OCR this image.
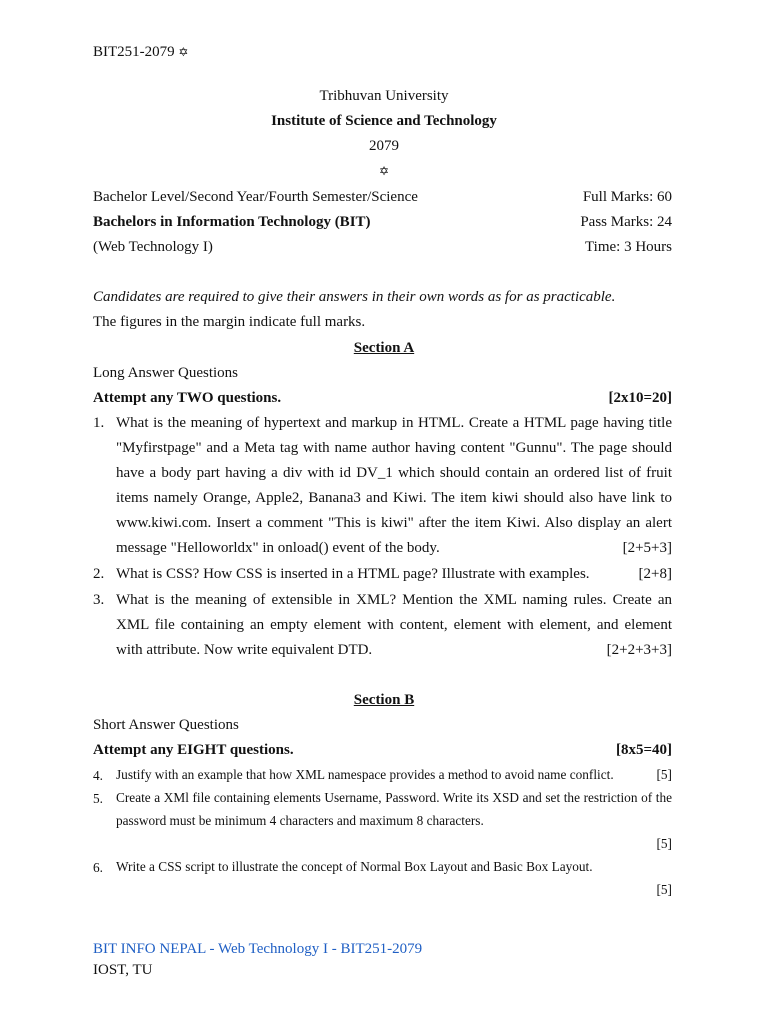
BIT251-2079 ✡
Tribhuvan University
Institute of Science and Technology
2079
✡
Bachelor Level/Second Year/Fourth Semester/Science	Full Marks: 60
Bachelors in Information Technology (BIT)	Pass Marks: 24
(Web Technology I)	Time: 3 Hours
Candidates are required to give their answers in their own words as for as practicable.
The figures in the margin indicate full marks.
Section A
Long Answer Questions
Attempt any TWO questions.	[2x10=20]
1. What is the meaning of hypertext and markup in HTML. Create a HTML page having title "Myfirstpage" and a Meta tag with name author having content "Gunnu". The page should have a body part having a div with id DV_1 which should contain an ordered list of fruit items namely Orange, Apple2, Banana3 and Kiwi. The item kiwi should also have link to www.kiwi.com. Insert a comment "This is kiwi" after the item Kiwi. Also display an alert message "Helloworldx" in onload() event of the body.	[2+5+3]
2. What is CSS? How CSS is inserted in a HTML page? Illustrate with examples.	[2+8]
3. What is the meaning of extensible in XML? Mention the XML naming rules. Create an XML file containing an empty element with content, element with element, and element with attribute. Now write equivalent DTD.	[2+2+3+3]
Section B
Short Answer Questions
Attempt any EIGHT questions.	[8x5=40]
4. Justify with an example that how XML namespace provides a method to avoid name conflict.	[5]
5. Create a XMl file containing elements Username, Password. Write its XSD and set the restriction of the password must be minimum 4 characters and maximum 8 characters.
[5]
6. Write a CSS script to illustrate the concept of Normal Box Layout and Basic Box Layout.
[5]
BIT INFO NEPAL - Web Technology I - BIT251-2079
IOST, TU
